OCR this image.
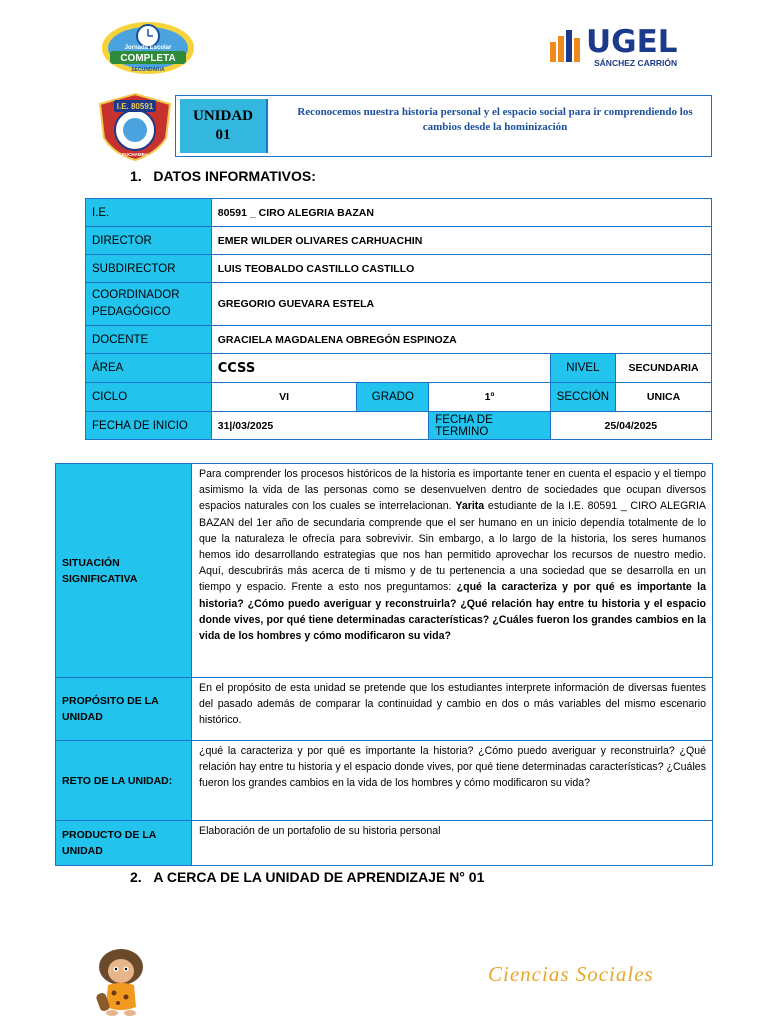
Jornada Escolar
COMPLETA
SECUNDARIA
UGEL
SÁNCHEZ CARRIÓN
I.E. 80591
PUCHAMBA
UNIDAD
01
Reconocemos nuestra historia personal y el espacio social para ir comprendiendo los cambios desde la hominización
1. DATOS INFORMATIVOS:
I.E.	80591 _ CIRO ALEGRIA BAZAN				
DIRECTOR	EMER WILDER OLIVARES CARHUACHIN				
SUBDIRECTOR	LUIS TEOBALDO CASTILLO CASTILLO				
COORDINADOR
PEDAGÓGICO	GREGORIO GUEVARA ESTELA				
DOCENTE	GRACIELA MAGDALENA OBREGÓN ESPINOZA				
ÁREA	CCSS			NIVEL	SECUNDARIA
CICLO	VI	GRADO	1º	SECCIÓN	UNICA
FECHA DE INICIO	31|/03/2025		FECHA DE TERMINO	25/04/2025	
SITUACIÓN SIGNIFICATIVA	Para comprender los procesos históricos de la historia es importante tener en cuenta el espacio y el tiempo asimismo la vida de las personas como se desenvuelven dentro de sociedades que ocupan diversos espacios naturales con los cuales se interrelacionan. Yarita estudiante de la I.E. 80591 _ CIRO ALEGRIA BAZAN del 1er año de secundaria comprende que el ser humano en un inicio dependía totalmente de lo que la naturaleza le ofrecía para sobrevivir. Sin embargo, a lo largo de la historia, los seres humanos hemos ido desarrollando estrategias que nos han permitido aprovechar los recursos de nuestro medio. Aquí, descubrirás más acerca de ti mismo y de tu pertenencia a una sociedad que se desarrolla en un tiempo y espacio. Frente a esto nos preguntamos: ¿qué la caracteriza y por qué es importante la historia? ¿Cómo puedo averiguar y reconstruirla? ¿Qué relación hay entre tu historia y el espacio donde vives, por qué tiene determinadas características? ¿Cuáles fueron los grandes cambios en la vida de los hombres y cómo modificaron su vida?
PROPÓSITO DE LA UNIDAD	En el propósito de esta unidad se pretende que los estudiantes interprete información de diversas fuentes del pasado además de comparar la continuidad y cambio en dos o más variables del mismo escenario histórico.
RETO DE LA UNIDAD:	¿qué la caracteriza y por qué es importante la historia? ¿Cómo puedo averiguar y reconstruirla? ¿Qué relación hay entre tu historia y el espacio donde vives, por qué tiene determinadas características? ¿Cuáles fueron los grandes cambios en la vida de los hombres y cómo modificaron su vida?
PRODUCTO DE LA UNIDAD	Elaboración de un portafolio de su historia personal
2. A CERCA DE LA UNIDAD DE APRENDIZAJE N° 01
Ciencias Sociales
